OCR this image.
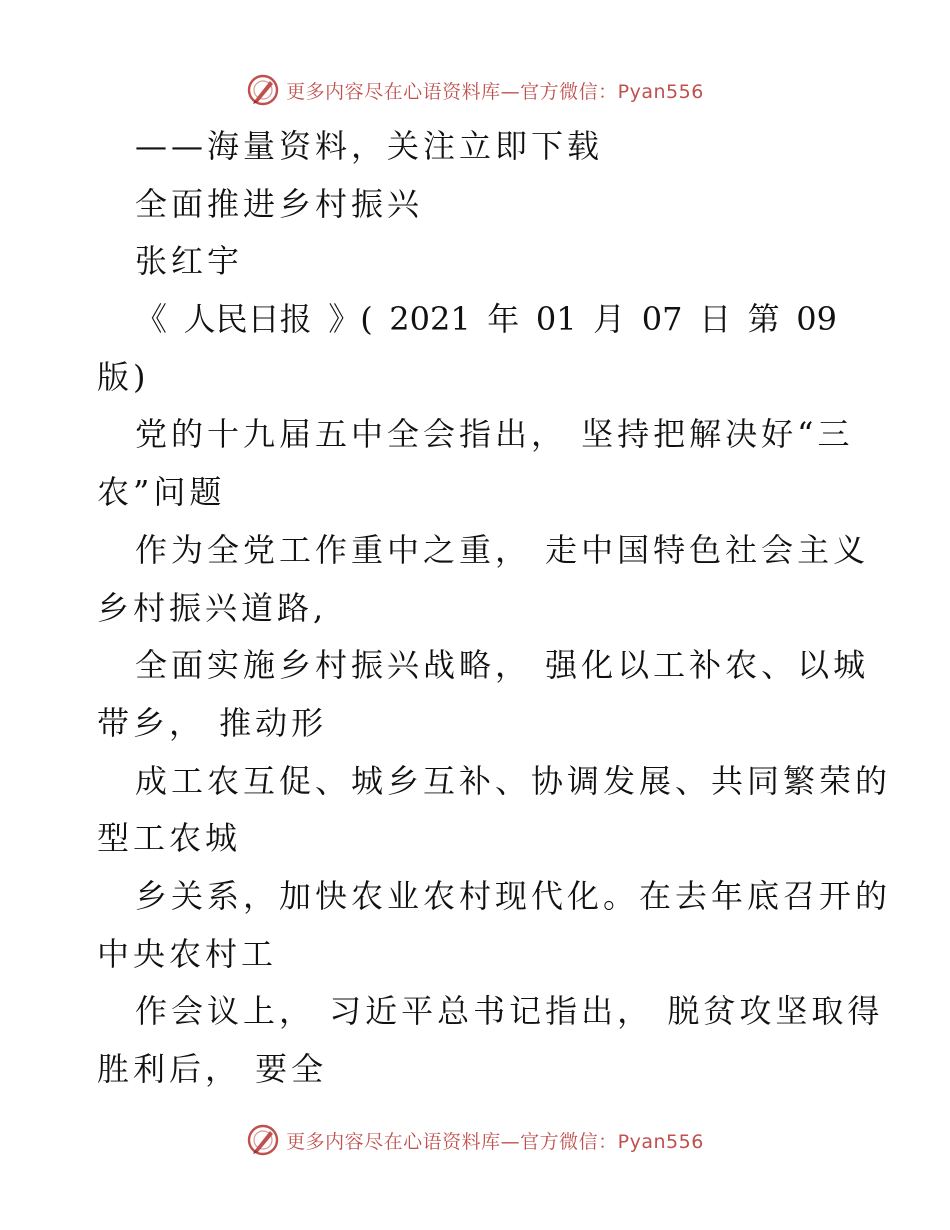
更多内容尽在心语资料库—官方微信：Pyan556
——海量资料，关注立即下载
全面推进乡村振兴
张红宇
《 人民日报 》( 2021 年 01 月 07 日 第 09
版)
党的十九届五中全会指出， 坚持把解决好“三
农”问题
作为全党工作重中之重， 走中国特色社会主义
乡村振兴道路,
全面实施乡村振兴战略， 强化以工补农、以城
带乡， 推动形
成工农互促、城乡互补、协调发展、共同繁荣的
型工农城
乡关系，加快农业农村现代化。在去年底召开的
中央农村工
作会议上， 习近平总书记指出， 脱贫攻坚取得
胜利后， 要全
更多内容尽在心语资料库—官方微信：Pyan556
